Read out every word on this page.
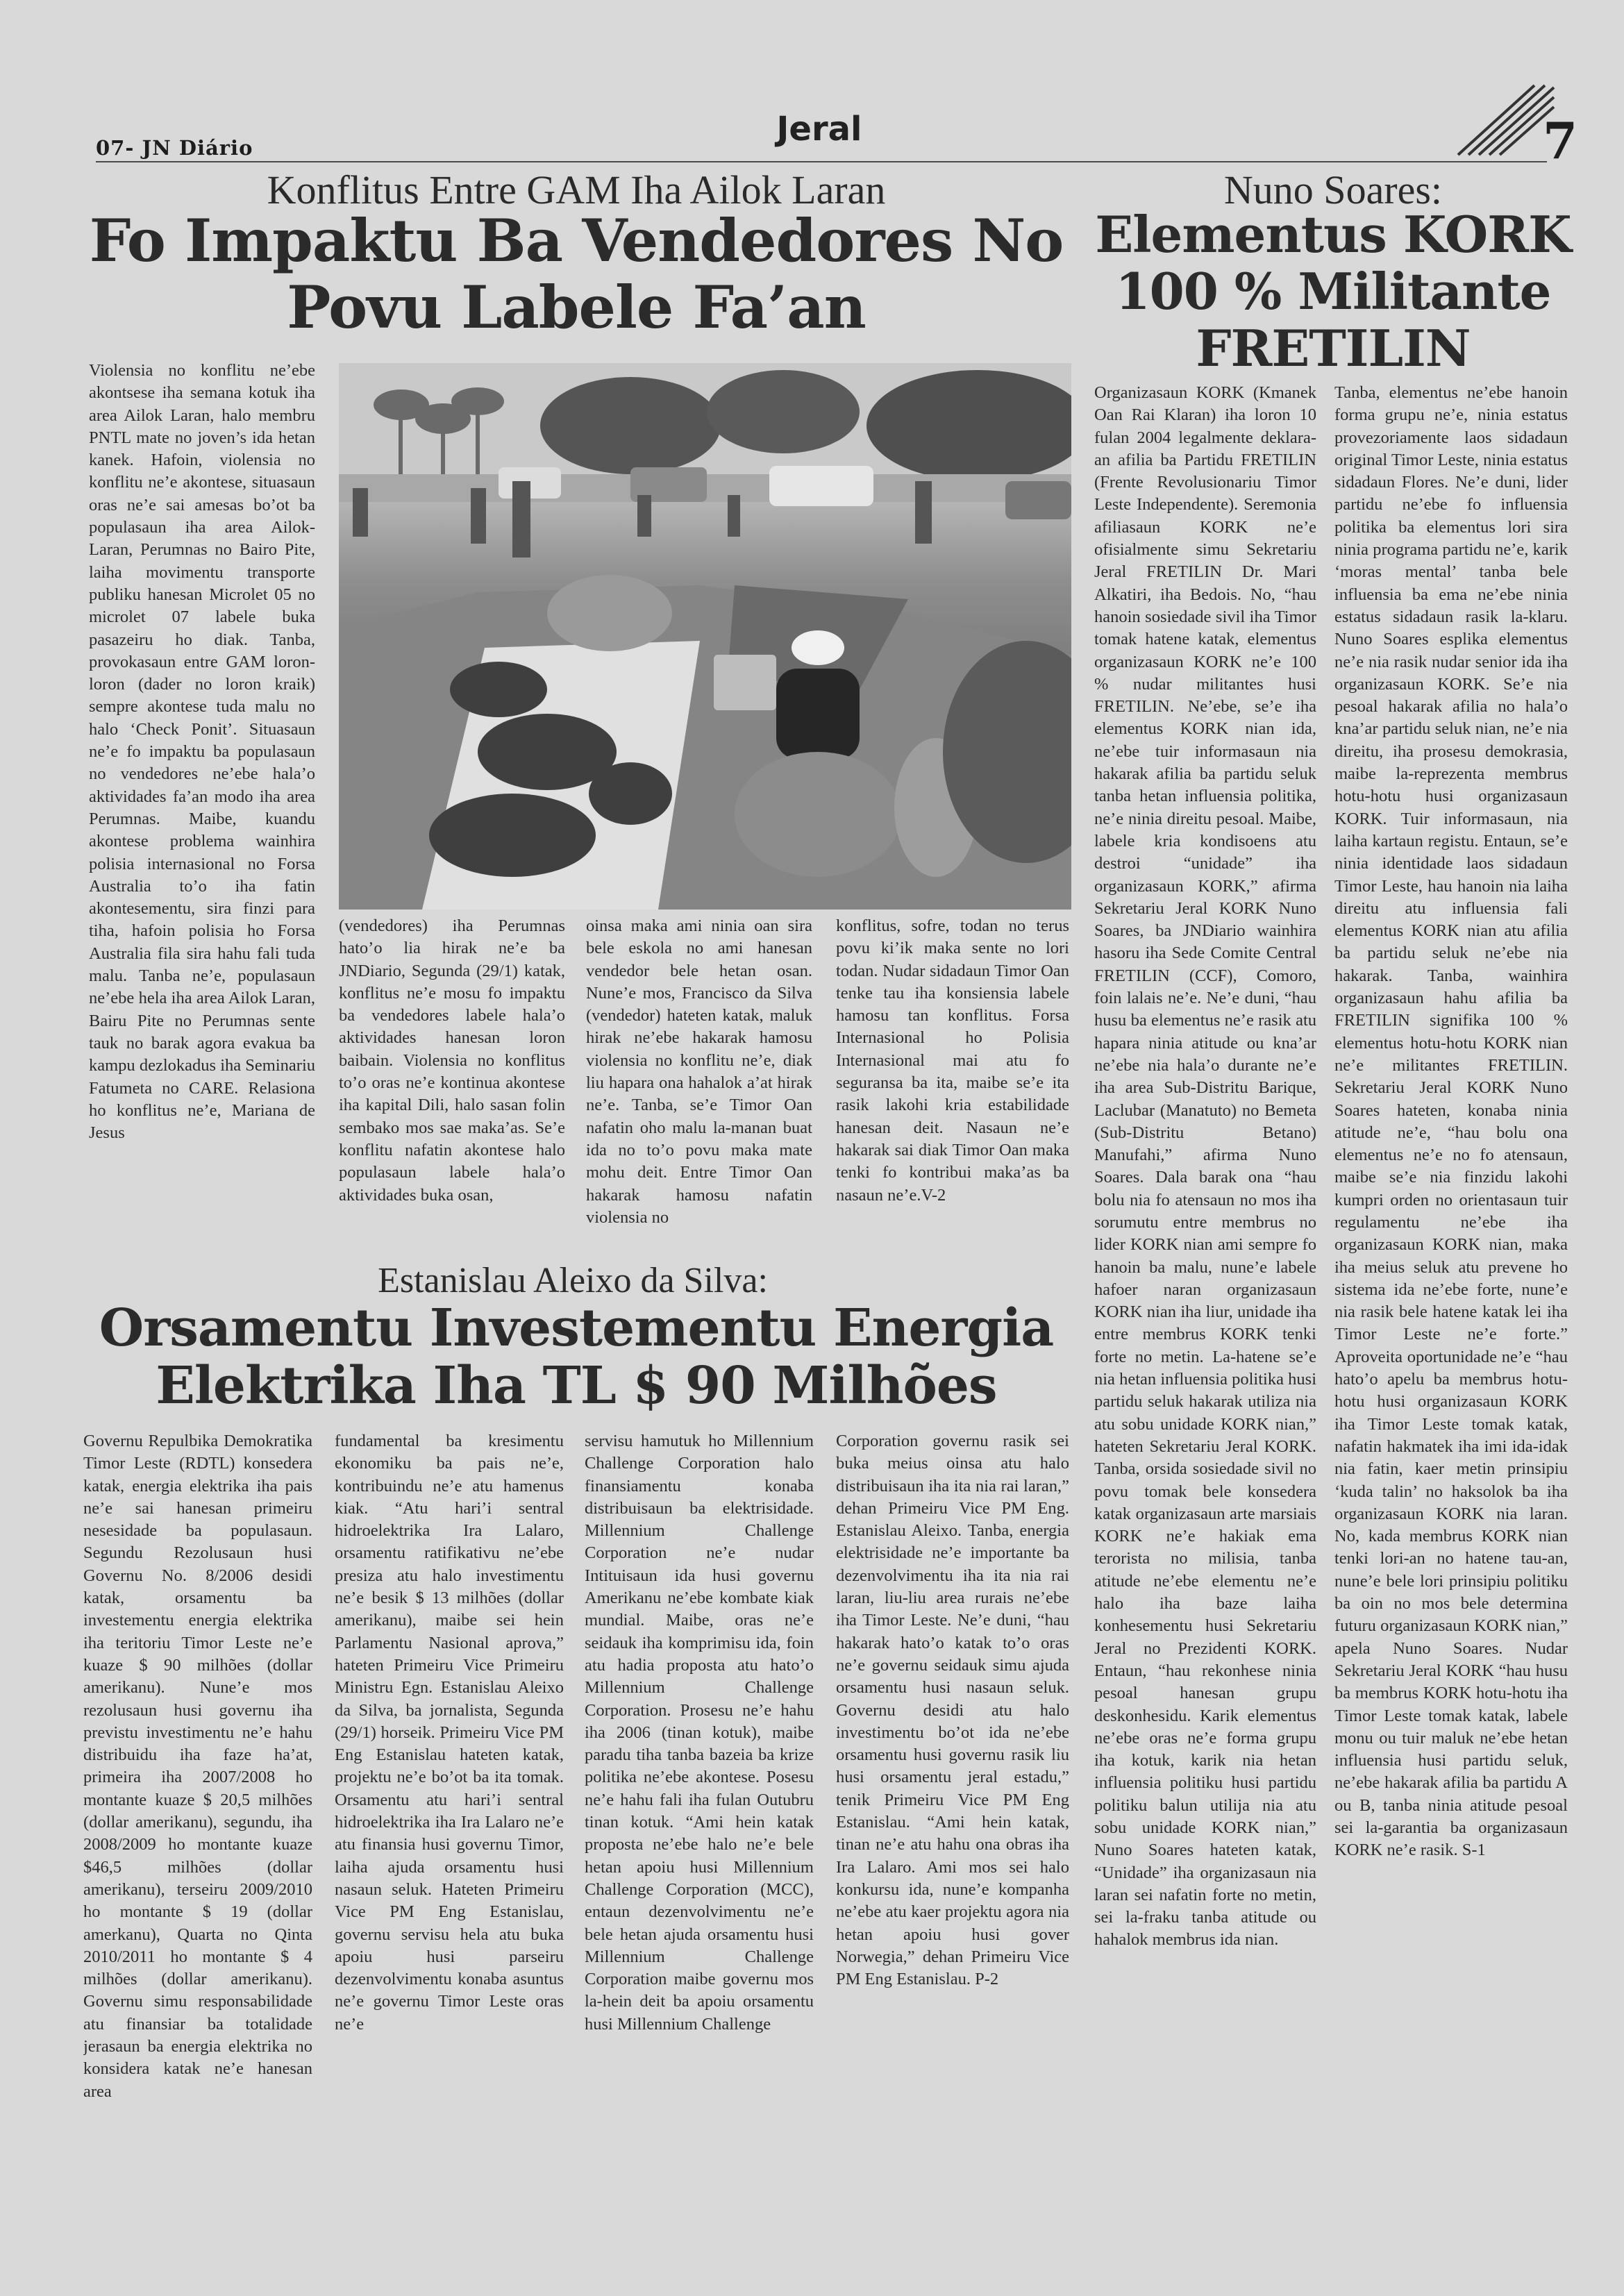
07- JN Diário	Jeral	7
Konflitus Entre GAM Iha Ailok Laran
Fo Impaktu Ba Vendedores No
Povu Labele Fa’an

Violensia no konflitu ne’ebe akontsese iha semana kotuk iha area Ailok Laran, halo membru PNTL mate no joven’s ida hetan kanek. Hafoin, violensia no konflitu ne’e akontese, situasaun oras ne’e sai amesas bo’ot ba populasaun iha area Ailok-Laran, Perumnas no Bairo Pite, laiha movimentu transporte publiku hanesan Microlet 05 no microlet 07 labele buka pasazeiru ho diak. Tanba, provokasaun entre GAM loron-loron (dader no loron kraik) sempre akontese tuda malu no halo ‘Check Ponit’. Situasaun ne’e fo impaktu ba populasaun no vendedores ne’ebe hala’o aktividades fa’an modo iha area Perumnas. Maibe, kuandu akontese problema wainhira polisia internasional no Forsa Australia to’o iha fatin akontesementu, sira finzi para tiha, hafoin polisia ho Forsa Australia fila sira hahu fali tuda malu. Tanba ne’e, populasaun ne’ebe hela iha area Ailok Laran, Bairu Pite no Perumnas sente tauk no barak agora evakua ba kampu dezlokadus iha Seminariu Fatumeta no CARE. Relasiona ho konflitus ne’e, Mariana de Jesus

(vendedores) iha Perumnas hato’o lia hirak ne’e ba JNDiario, Segunda (29/1) katak, konflitus ne’e mosu fo impaktu ba vendedores labele hala’o aktividades hanesan loron baibain. Violensia no konflitus to’o oras ne’e kontinua akontese iha kapital Dili, halo sasan folin sembako mos sae maka’as. Se’e konflitu nafatin akontese halo populasaun labele hala’o aktividades buka osan,

oinsa maka ami ninia oan sira bele eskola no ami hanesan vendedor bele hetan osan. Nune’e mos, Francisco da Silva (vendedor) hateten katak, maluk hirak ne’ebe hakarak hamosu violensia no konflitu ne’e, diak liu hapara ona hahalok a’at hirak ne’e. Tanba, se’e Timor Oan nafatin oho malu la-manan buat ida no to’o povu maka mate mohu deit. Entre Timor Oan hakarak hamosu nafatin violensia no

konflitus, sofre, todan no terus povu ki’ik maka sente no lori todan. Nudar sidadaun Timor Oan tenke tau iha konsiensia labele hamosu tan konflitus. Forsa Internasional ho Polisia Internasional mai atu fo seguransa ba ita, maibe se’e ita rasik lakohi kria estabilidade hanesan deit. Nasaun ne’e hakarak sai diak Timor Oan maka tenki fo kontribui maka’as ba nasaun ne’e.V-2

Estanislau Aleixo da Silva:
Orsamentu Investementu Energia
Elektrika Iha TL $ 90 Milhões

Governu Repulbika Demokratika Timor Leste (RDTL) konsedera katak, energia elektrika iha pais ne’e sai hanesan primeiru nesesidade ba populasaun. Segundu Rezolusaun husi Governu No. 8/2006 desidi katak, orsamentu ba investementu energia elektrika iha teritoriu Timor Leste ne’e kuaze $ 90 milhões (dollar amerikanu). Nune’e mos rezolusaun husi governu iha previstu investimentu ne’e hahu distribuidu iha faze ha’at, primeira iha 2007/2008 ho montante kuaze $ 20,5 milhões (dollar amerikanu), segundu, iha 2008/2009 ho montante kuaze $46,5 milhões (dollar amerikanu), terseiru 2009/2010 ho montante $ 19 (dollar amerkanu), Quarta no Qinta 2010/2011 ho montante $ 4 milhões (dollar amerikanu). Governu simu responsabilidade atu finansiar ba totalidade jerasaun ba energia elektrika no konsidera katak ne’e hanesan area

fundamental ba kresimentu ekonomiku ba pais ne’e, kontribuindu ne’e atu hamenus kiak. “Atu hari’i sentral hidroelektrika Ira Lalaro, orsamentu ratifikativu ne’ebe presiza atu halo investimentu ne’e besik $ 13 milhões (dollar amerikanu), maibe sei hein Parlamentu Nasional aprova,” hateten Primeiru Vice Primeiru Ministru Egn. Estanislau Aleixo da Silva, ba jornalista, Segunda (29/1) horseik. Primeiru Vice PM Eng Estanislau hateten katak, projektu ne’e bo’ot ba ita tomak. Orsamentu atu hari’i sentral hidroelektrika iha Ira Lalaro ne’e atu finansia husi governu Timor, laiha ajuda orsamentu husi nasaun seluk. Hateten Primeiru Vice PM Eng Estanislau, governu servisu hela atu buka apoiu husi parseiru dezenvolvimentu konaba asuntus ne’e governu Timor Leste oras ne’e

servisu hamutuk ho Millennium Challenge Corporation halo finansiamentu konaba distribuisaun ba elektrisidade. Millennium Challenge Corporation ne’e nudar Intituisaun ida husi governu Amerikanu ne’ebe kombate kiak mundial. Maibe, oras ne’e seidauk iha komprimisu ida, foin atu hadia proposta atu hato’o Millennium Challenge Corporation. Prosesu ne’e hahu iha 2006 (tinan kotuk), maibe paradu tiha tanba bazeia ba krize politika ne’ebe akontese. Posesu ne’e hahu fali iha fulan Outubru tinan kotuk. “Ami hein katak proposta ne’ebe halo ne’e bele hetan apoiu husi Millennium Challenge Corporation (MCC), entaun dezenvolvimentu ne’e bele hetan ajuda orsamentu husi Millennium Challenge Corporation maibe governu mos la-hein deit ba apoiu orsamentu husi Millennium Challenge

Corporation governu rasik sei buka meius oinsa atu halo distribuisaun iha ita nia rai laran,” dehan Primeiru Vice PM Eng. Estanislau Aleixo. Tanba, energia elektrisidade ne’e importante ba dezenvolvimentu iha ita nia rai laran, liu-liu area rurais ne’ebe iha Timor Leste. Ne’e duni, “hau hakarak hato’o katak to’o oras ne’e governu seidauk simu ajuda orsamentu husi nasaun seluk. Governu desidi atu halo investimentu bo’ot ida ne’ebe orsamentu husi governu rasik liu husi orsamentu jeral estadu,” tenik Primeiru Vice PM Eng Estanislau. “Ami hein katak, tinan ne’e atu hahu ona obras iha Ira Lalaro. Ami mos sei halo konkursu ida, nune’e kompanha ne’ebe atu kaer projektu agora nia hetan apoiu husi gover Norwegia,” dehan Primeiru Vice PM Eng Estanislau. P-2

Nuno Soares:
Elementus KORK
100 % Militante
FRETILIN

Organizasaun KORK (Kmanek Oan Rai Klaran) iha loron 10 fulan 2004 legalmente deklara-an afilia ba Partidu FRETILIN (Frente Revolusionariu Timor Leste Independente). Seremonia afiliasaun KORK ne’e ofisialmente simu Sekretariu Jeral FRETILIN Dr. Mari Alkatiri, iha Bedois. No, “hau hanoin sosiedade sivil iha Timor tomak hatene katak, elementus organizasaun KORK ne’e 100 % nudar militantes husi FRETILIN. Ne’ebe, se’e iha elementus KORK nian ida, ne’ebe tuir informasaun nia hakarak afilia ba partidu seluk tanba hetan influensia politika, ne’e ninia direitu pesoal. Maibe, labele kria kondisoens atu destroi “unidade” iha organizasaun KORK,” afirma Sekretariu Jeral KORK Nuno Soares, ba JNDiario wainhira hasoru iha Sede Comite Central FRETILIN (CCF), Comoro, foin lalais ne’e. Ne’e duni, “hau husu ba elementus ne’e rasik atu hapara ninia atitude ou kna’ar ne’ebe nia hala’o durante ne’e iha area Sub-Distritu Barique, Laclubar (Manatuto) no Bemeta (Sub-Distritu Betano) Manufahi,” afirma Nuno Soares. Dala barak ona “hau bolu nia fo atensaun no mos iha sorumutu entre membrus no lider KORK nian ami sempre fo hanoin ba malu, nune’e labele hafoer naran organizasaun KORK nian iha liur, unidade iha entre membrus KORK tenki forte no metin. La-hatene se’e nia hetan influensia politika husi partidu seluk hakarak utiliza nia atu sobu unidade KORK nian,” hateten Sekretariu Jeral KORK. Tanba, orsida sosiedade sivil no povu tomak bele konsedera katak organizasaun arte marsiais KORK ne’e hakiak ema terorista no milisia, tanba atitude ne’ebe elementu ne’e halo iha baze laiha konhesementu husi Sekretariu Jeral no Prezidenti KORK. Entaun, “hau rekonhese ninia pesoal hanesan grupu deskonhesidu. Karik elementus ne’ebe oras ne’e forma grupu iha kotuk, karik nia hetan influensia politiku husi partidu politiku balun utilija nia atu sobu unidade KORK nian,” Nuno Soares hateten katak, “Unidade” iha organizasaun nia laran sei nafatin forte no metin, sei la-fraku tanba atitude ou hahalok membrus ida nian.

Tanba, elementus ne’ebe hanoin forma grupu ne’e, ninia estatus provezoriamente laos sidadaun original Timor Leste, ninia estatus sidadaun Flores. Ne’e duni, lider partidu ne’ebe fo influensia politika ba elementus lori sira ninia programa partidu ne’e, karik ‘moras mental’ tanba bele influensia ba ema ne’ebe ninia estatus sidadaun rasik la-klaru. Nuno Soares esplika elementus ne’e nia rasik nudar senior ida iha organizasaun KORK. Se’e nia pesoal hakarak afilia no hala’o kna’ar partidu seluk nian, ne’e nia direitu, iha prosesu demokrasia, maibe la-reprezenta membrus hotu-hotu husi organizasaun KORK. Tuir informasaun, nia laiha kartaun registu. Entaun, se’e ninia identidade laos sidadaun Timor Leste, hau hanoin nia laiha direitu atu influensia fali elementus KORK nian atu afilia ba partidu seluk ne’ebe nia hakarak. Tanba, wainhira organizasaun hahu afilia ba FRETILIN signifika 100 % elementus hotu-hotu KORK nian ne’e militantes FRETILIN. Sekretariu Jeral KORK Nuno Soares hateten, konaba ninia atitude ne’e, “hau bolu ona elementus ne’e no fo atensaun, maibe se’e nia finzidu lakohi kumpri orden no orientasaun tuir regulamentu ne’ebe iha organizasaun KORK nian, maka iha meius seluk atu prevene ho sistema ida ne’ebe forte, nune’e nia rasik bele hatene katak lei iha Timor Leste ne’e forte.” Aproveita oportunidade ne’e “hau hato’o apelu ba membrus hotu-hotu husi organizasaun KORK iha Timor Leste tomak katak, nafatin hakmatek iha imi ida-idak nia fatin, kaer metin prinsipiu ‘kuda talin’ no haksolok ba iha organizasaun KORK nia laran. No, kada membrus KORK nian tenki lori-an no hatene tau-an, nune’e bele lori prinsipiu politiku ba oin no mos bele determina futuru organizasaun KORK nian,” apela Nuno Soares. Nudar Sekretariu Jeral KORK “hau husu ba membrus KORK hotu-hotu iha Timor Leste tomak katak, labele monu ou tuir maluk ne’ebe hetan influensia husi partidu seluk, ne’ebe hakarak afilia ba partidu A ou B, tanba ninia atitude pesoal sei la-garantia ba organizasaun KORK ne’e rasik. S-1
